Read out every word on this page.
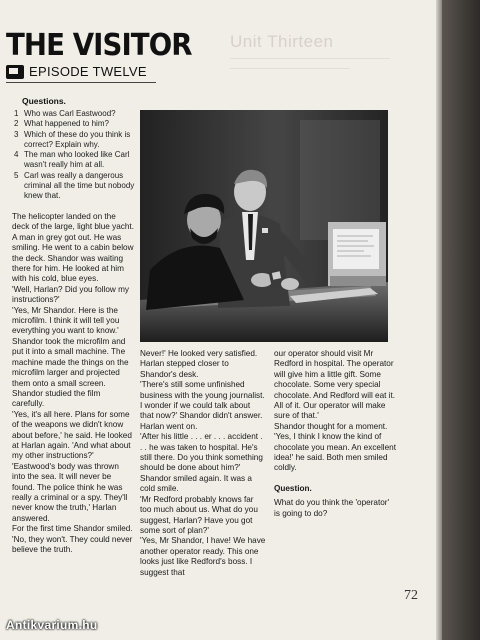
Unit Thirteen
THE VISITOR
EPISODE TWELVE
Questions.
1 Who was Carl Eastwood?
2 What happened to him?
3 Which of these do you think is correct? Explain why.
4 The man who looked like Carl wasn't really him at all.
5 Carl was really a dangerous criminal all the time but nobody knew that.

The helicopter landed on the deck of the large, light blue yacht. A man in grey got out. He was smiling. He went to a cabin below the deck. Shandor was waiting there for him. He looked at him with his cold, blue eyes.

'Well, Harlan? Did you follow my instructions?'

'Yes, Mr Shandor. Here is the microfilm. I think it will tell you everything you want to know.' Shandor took the microfilm and put it into a small machine. The machine made the things on the microfilm larger and projected them onto a small screen. Shandor studied the film carefully.

'Yes, it's all here. Plans for some of the weapons we didn't know about before,' he said. He looked at Harlan again. 'And what about my other instructions?'

'Eastwood's body was thrown into the sea. It will never be found. The police think he was really a criminal or a spy. They'll never know the truth,' Harlan answered.

For the first time Shandor smiled.

'No, they won't. They could never believe the truth.

Never!' He looked very satisfied. Harlan stepped closer to Shandor's desk.

'There's still some unfinished business with the young journalist. I wonder if we could talk about that now?' Shandor didn't answer. Harlan went on.

'After his little . . . er . . . accident . . . he was taken to hospital. He's still there. Do you think something should be done about him?' Shandor smiled again. It was a cold smile.

'Mr Redford probably knows far too much about us. What do you suggest, Harlan? Have you got some sort of plan?'

'Yes, Mr Shandor, I have! We have another operator ready. This one looks just like Redford's boss. I suggest that

our operator should visit Mr Redford in hospital. The operator will give him a little gift. Some chocolate. Some very special chocolate. And Redford will eat it. All of it. Our operator will make sure of that.'

Shandor thought for a moment. 'Yes, I think I know the kind of chocolate you mean. An excellent idea!' he said. Both men smiled coldly.

Question.

What do you think the 'operator' is going to do?

72
Antikvarium.hu
